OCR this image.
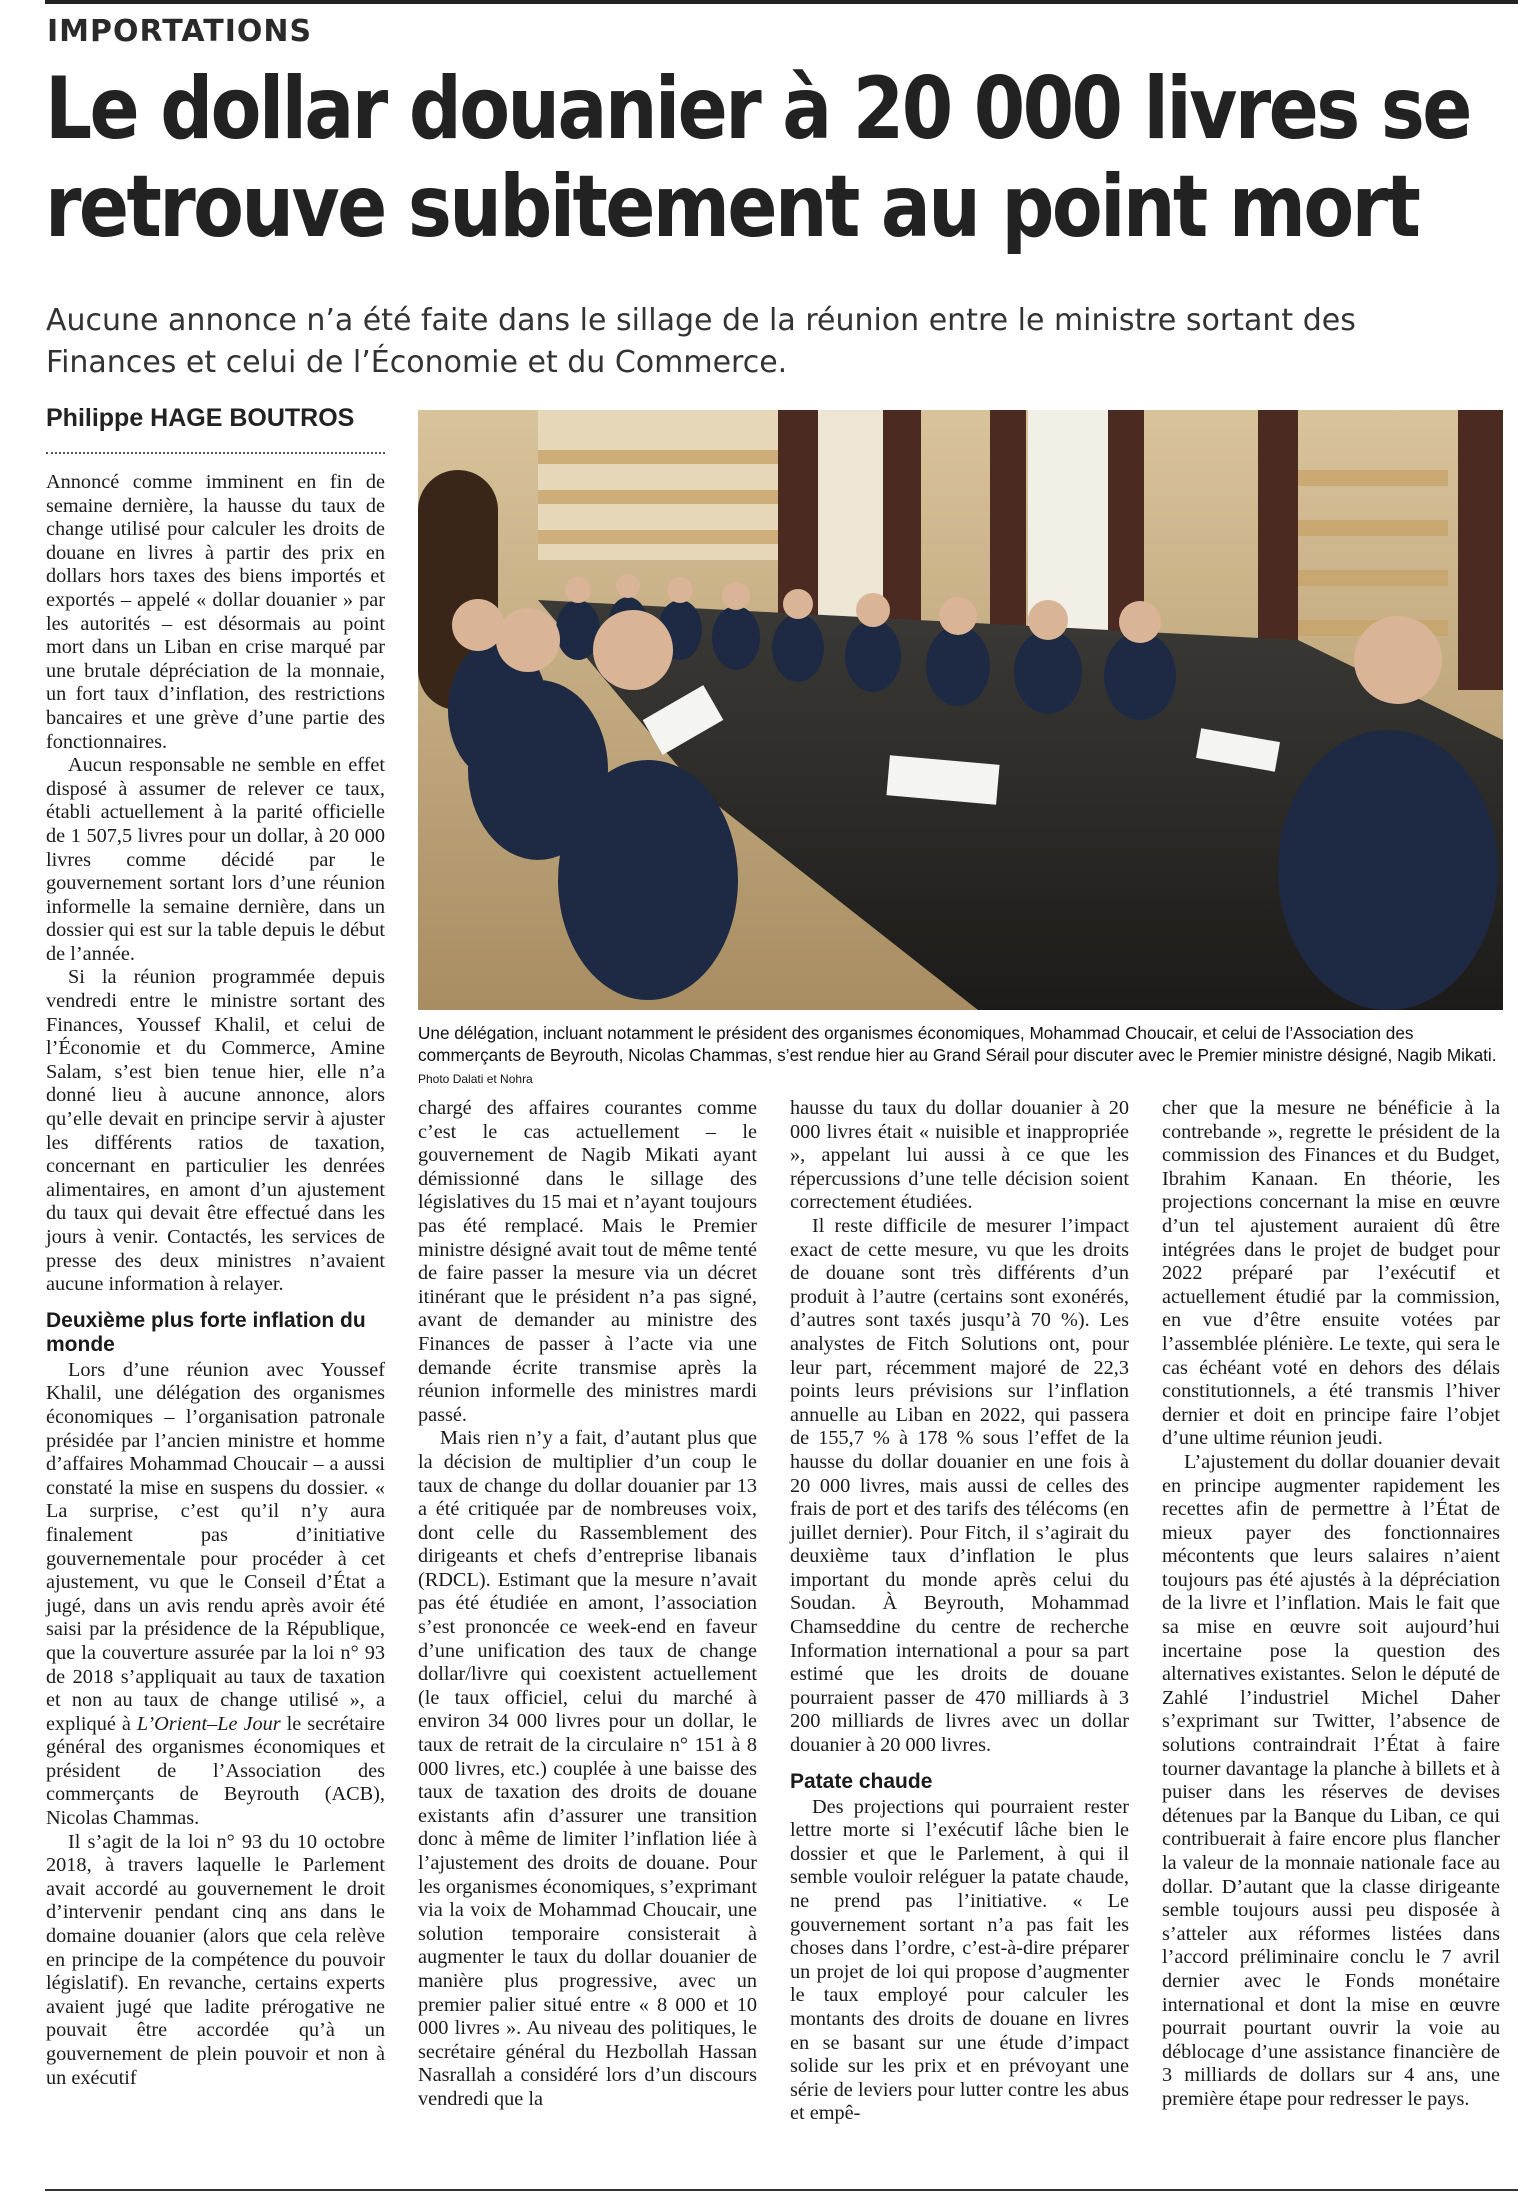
IMPORTATIONS
Le dollar douanier à 20 000 livres se
retrouve subitement au point mort
Aucune annonce n’a été faite dans le sillage de la réunion entre le ministre sortant des Finances et celui de l’Économie et du Commerce.
Philippe HAGE BOUTROS

Annoncé comme imminent en fin de semaine dernière, la hausse du taux de change utilisé pour calculer les droits de douane en livres à partir des prix en dollars hors taxes des biens importés et exportés – appelé « dollar douanier » par les autorités – est désormais au point mort dans un Liban en crise marqué par une brutale dépréciation de la monnaie, un fort taux d’inflation, des restrictions bancaires et une grève d’une partie des fonctionnaires.

Aucun responsable ne semble en effet disposé à assumer de relever ce taux, établi actuellement à la parité officielle de 1 507,5 livres pour un dollar, à 20 000 livres comme décidé par le gouvernement sortant lors d’une réunion informelle la semaine dernière, dans un dossier qui est sur la table depuis le début de l’année.

Si la réunion programmée depuis vendredi entre le ministre sortant des Finances, Youssef Khalil, et celui de l’Économie et du Commerce, Amine Salam, s’est bien tenue hier, elle n’a donné lieu à aucune annonce, alors qu’elle devait en principe servir à ajuster les différents ratios de taxation, concernant en particulier les denrées alimentaires, en amont d’un ajustement du taux qui devait être effectué dans les jours à venir. Contactés, les services de presse des deux ministres n’avaient aucune information à relayer.

Deuxième plus forte inflation du monde

Lors d’une réunion avec Youssef Khalil, une délégation des organismes économiques – l’organisation patronale présidée par l’ancien ministre et homme d’affaires Mohammad Choucair – a aussi constaté la mise en suspens du dossier. « La surprise, c’est qu’il n’y aura finalement pas d’initiative gouvernementale pour procéder à cet ajustement, vu que le Conseil d’État a jugé, dans un avis rendu après avoir été saisi par la présidence de la République, que la couverture assurée par la loi n° 93 de 2018 s’appliquait au taux de taxation et non au taux de change utilisé », a expliqué à L’Orient–Le Jour le secrétaire général des organismes économiques et président de l’Association des commerçants de Beyrouth (ACB), Nicolas Chammas.

Il s’agit de la loi n° 93 du 10 octobre 2018, à travers laquelle le Parlement avait accordé au gouvernement le droit d’intervenir pendant cinq ans dans le domaine douanier (alors que cela relève en principe de la compétence du pouvoir législatif). En revanche, certains experts avaient jugé que ladite prérogative ne pouvait être accordée qu’à un gouvernement de plein pouvoir et non à un exécutif

Une délégation, incluant notamment le président des organismes économiques, Mohammad Choucair, et celui de l’Association des commerçants de Beyrouth, Nicolas Chammas, s’est rendue hier au Grand Sérail pour discuter avec le Premier ministre désigné, Nagib Mikati. Photo Dalati et Nohra

chargé des affaires courantes comme c’est le cas actuellement – le gouvernement de Nagib Mikati ayant démissionné dans le sillage des législatives du 15 mai et n’ayant toujours pas été remplacé. Mais le Premier ministre désigné avait tout de même tenté de faire passer la mesure via un décret itinérant que le président n’a pas signé, avant de demander au ministre des Finances de passer à l’acte via une demande écrite transmise après la réunion informelle des ministres mardi passé.

Mais rien n’y a fait, d’autant plus que la décision de multiplier d’un coup le taux de change du dollar douanier par 13 a été critiquée par de nombreuses voix, dont celle du Rassemblement des dirigeants et chefs d’entreprise libanais (RDCL). Estimant que la mesure n’avait pas été étudiée en amont, l’association s’est prononcée ce week-end en faveur d’une unification des taux de change dollar/livre qui coexistent actuellement (le taux officiel, celui du marché à environ 34 000 livres pour un dollar, le taux de retrait de la circulaire n° 151 à 8 000 livres, etc.) couplée à une baisse des taux de taxation des droits de douane existants afin d’assurer une transition donc à même de limiter l’inflation liée à l’ajustement des droits de douane. Pour les organismes économiques, s’exprimant via la voix de Mohammad Choucair, une solution temporaire consisterait à augmenter le taux du dollar douanier de manière plus progressive, avec un premier palier situé entre « 8 000 et 10 000 livres ». Au niveau des politiques, le secrétaire général du Hezbollah Hassan Nasrallah a considéré lors d’un discours vendredi que la

hausse du taux du dollar douanier à 20 000 livres était « nuisible et inappropriée », appelant lui aussi à ce que les répercussions d’une telle décision soient correctement étudiées.

Il reste difficile de mesurer l’impact exact de cette mesure, vu que les droits de douane sont très différents d’un produit à l’autre (certains sont exonérés, d’autres sont taxés jusqu’à 70 %). Les analystes de Fitch Solutions ont, pour leur part, récemment majoré de 22,3 points leurs prévisions sur l’inflation annuelle au Liban en 2022, qui passera de 155,7 % à 178 % sous l’effet de la hausse du dollar douanier en une fois à 20 000 livres, mais aussi de celles des frais de port et des tarifs des télécoms (en juillet dernier). Pour Fitch, il s’agirait du deuxième taux d’inflation le plus important du monde après celui du Soudan. À Beyrouth, Mohammad Chamseddine du centre de recherche Information international a pour sa part estimé que les droits de douane pourraient passer de 470 milliards à 3 200 milliards de livres avec un dollar douanier à 20 000 livres.

Patate chaude

Des projections qui pourraient rester lettre morte si l’exécutif lâche bien le dossier et que le Parlement, à qui il semble vouloir reléguer la patate chaude, ne prend pas l’initiative. « Le gouvernement sortant n’a pas fait les choses dans l’ordre, c’est-à-dire préparer un projet de loi qui propose d’augmenter le taux employé pour calculer les montants des droits de douane en livres en se basant sur une étude d’impact solide sur les prix et en prévoyant une série de leviers pour lutter contre les abus et empê-

cher que la mesure ne bénéficie à la contrebande », regrette le président de la commission des Finances et du Budget, Ibrahim Kanaan. En théorie, les projections concernant la mise en œuvre d’un tel ajustement auraient dû être intégrées dans le projet de budget pour 2022 préparé par l’exécutif et actuellement étudié par la commission, en vue d’être ensuite votées par l’assemblée plénière. Le texte, qui sera le cas échéant voté en dehors des délais constitutionnels, a été transmis l’hiver dernier et doit en principe faire l’objet d’une ultime réunion jeudi.

L’ajustement du dollar douanier devait en principe augmenter rapidement les recettes afin de permettre à l’État de mieux payer des fonctionnaires mécontents que leurs salaires n’aient toujours pas été ajustés à la dépréciation de la livre et l’inflation. Mais le fait que sa mise en œuvre soit aujourd’hui incertaine pose la question des alternatives existantes. Selon le député de Zahlé l’industriel Michel Daher s’exprimant sur Twitter, l’absence de solutions contraindrait l’État à faire tourner davantage la planche à billets et à puiser dans les réserves de devises détenues par la Banque du Liban, ce qui contribuerait à faire encore plus flancher la valeur de la monnaie nationale face au dollar. D’autant que la classe dirigeante semble toujours aussi peu disposée à s’atteler aux réformes listées dans l’accord préliminaire conclu le 7 avril dernier avec le Fonds monétaire international et dont la mise en œuvre pourrait pourtant ouvrir la voie au déblocage d’une assistance financière de 3 milliards de dollars sur 4 ans, une première étape pour redresser le pays.
